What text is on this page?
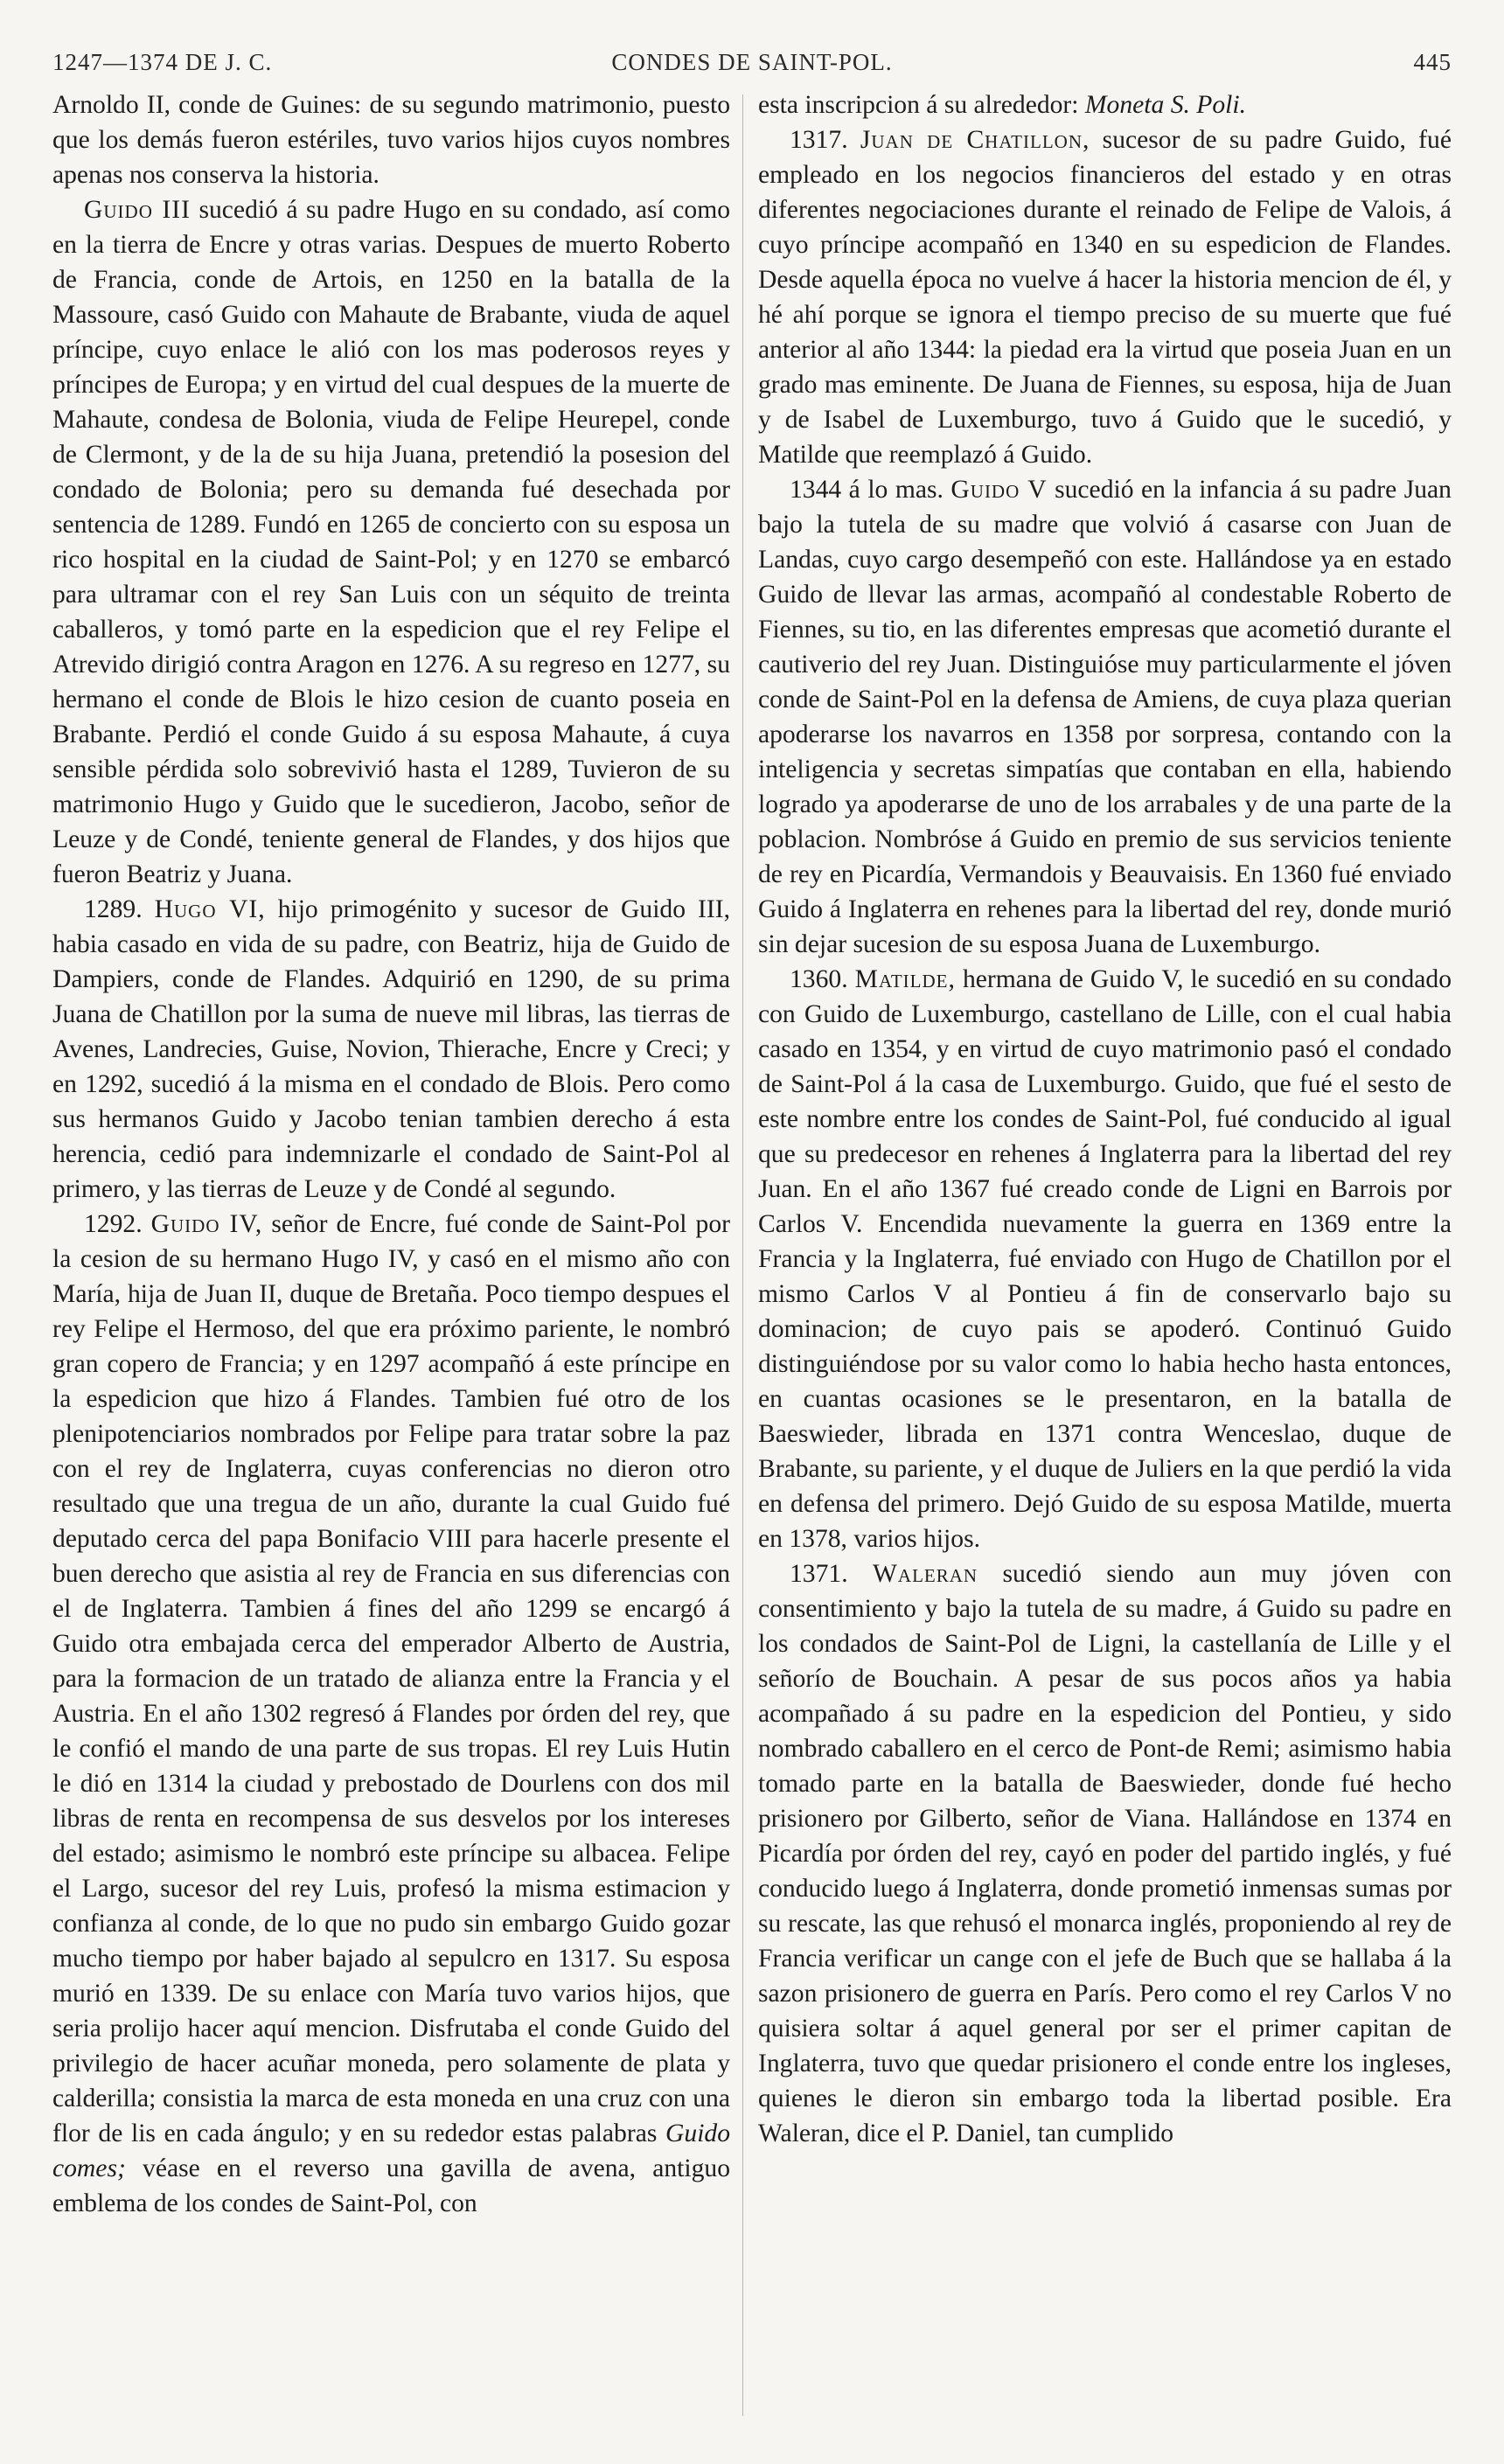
1247—1374 DE J. C.	CONDES DE SAINT-POL.	445

Arnoldo II, conde de Guines: de su segundo matrimonio, puesto que los demás fueron estériles, tuvo varios hijos cuyos nombres apenas nos conserva la historia.

Guido III sucedió á su padre Hugo en su condado, así como en la tierra de Encre y otras varias. Despues de muerto Roberto de Francia, conde de Artois, en 1250 en la batalla de la Massoure, casó Guido con Mahaute de Brabante, viuda de aquel príncipe, cuyo enlace le alió con los mas poderosos reyes y príncipes de Europa; y en virtud del cual despues de la muerte de Mahaute, condesa de Bolonia, viuda de Felipe Heurepel, conde de Clermont, y de la de su hija Juana, pretendió la posesion del condado de Bolonia; pero su demanda fué desechada por sentencia de 1289. Fundó en 1265 de concierto con su esposa un rico hospital en la ciudad de Saint-Pol; y en 1270 se embarcó para ultramar con el rey San Luis con un séquito de treinta caballeros, y tomó parte en la espedicion que el rey Felipe el Atrevido dirigió contra Aragon en 1276. A su regreso en 1277, su hermano el conde de Blois le hizo cesion de cuanto poseia en Brabante. Perdió el conde Guido á su esposa Mahaute, á cuya sensible pérdida solo sobrevivió hasta el 1289, Tuvieron de su matrimonio Hugo y Guido que le sucedieron, Jacobo, señor de Leuze y de Condé, teniente general de Flandes, y dos hijos que fueron Beatriz y Juana.

1289. Hugo VI, hijo primogénito y sucesor de Guido III, habia casado en vida de su padre, con Beatriz, hija de Guido de Dampiers, conde de Flandes. Adquirió en 1290, de su prima Juana de Chatillon por la suma de nueve mil libras, las tierras de Avenes, Landrecies, Guise, Novion, Thierache, Encre y Creci; y en 1292, sucedió á la misma en el condado de Blois. Pero como sus hermanos Guido y Jacobo tenian tambien derecho á esta herencia, cedió para indemnizarle el condado de Saint-Pol al primero, y las tierras de Leuze y de Condé al segundo.

1292. Guido IV, señor de Encre, fué conde de Saint-Pol por la cesion de su hermano Hugo IV, y casó en el mismo año con María, hija de Juan II, duque de Bretaña. Poco tiempo despues el rey Felipe el Hermoso, del que era próximo pariente, le nombró gran copero de Francia; y en 1297 acompañó á este príncipe en la espedicion que hizo á Flandes. Tambien fué otro de los plenipotenciarios nombrados por Felipe para tratar sobre la paz con el rey de Inglaterra, cuyas conferencias no dieron otro resultado que una tregua de un año, durante la cual Guido fué deputado cerca del papa Bonifacio VIII para hacerle presente el buen derecho que asistia al rey de Francia en sus diferencias con el de Inglaterra. Tambien á fines del año 1299 se encargó á Guido otra embajada cerca del emperador Alberto de Austria, para la formacion de un tratado de alianza entre la Francia y el Austria. En el año 1302 regresó á Flandes por órden del rey, que le confió el mando de una parte de sus tropas. El rey Luis Hutin le dió en 1314 la ciudad y prebostado de Dourlens con dos mil libras de renta en recompensa de sus desvelos por los intereses del estado; asimismo le nombró este príncipe su albacea. Felipe el Largo, sucesor del rey Luis, profesó la misma estimacion y confianza al conde, de lo que no pudo sin embargo Guido gozar mucho tiempo por haber bajado al sepulcro en 1317. Su esposa murió en 1339. De su enlace con María tuvo varios hijos, que seria prolijo hacer aquí mencion. Disfrutaba el conde Guido del privilegio de hacer acuñar moneda, pero solamente de plata y calderilla; consistia la marca de esta moneda en una cruz con una flor de lis en cada ángulo; y en su rededor estas palabras Guido comes; véase en el reverso una gavilla de avena, antiguo emblema de los condes de Saint-Pol, con

esta inscripcion á su alrededor: Moneta S. Poli.

1317. Juan de Chatillon, sucesor de su padre Guido, fué empleado en los negocios financieros del estado y en otras diferentes negociaciones durante el reinado de Felipe de Valois, á cuyo príncipe acompañó en 1340 en su espedicion de Flandes. Desde aquella época no vuelve á hacer la historia mencion de él, y hé ahí porque se ignora el tiempo preciso de su muerte que fué anterior al año 1344: la piedad era la virtud que poseia Juan en un grado mas eminente. De Juana de Fiennes, su esposa, hija de Juan y de Isabel de Luxemburgo, tuvo á Guido que le sucedió, y Matilde que reemplazó á Guido.

1344 á lo mas. Guido V sucedió en la infancia á su padre Juan bajo la tutela de su madre que volvió á casarse con Juan de Landas, cuyo cargo desempeñó con este. Hallándose ya en estado Guido de llevar las armas, acompañó al condestable Roberto de Fiennes, su tio, en las diferentes empresas que acometió durante el cautiverio del rey Juan. Distinguióse muy particularmente el jóven conde de Saint-Pol en la defensa de Amiens, de cuya plaza querian apoderarse los navarros en 1358 por sorpresa, contando con la inteligencia y secretas simpatías que contaban en ella, habiendo logrado ya apoderarse de uno de los arrabales y de una parte de la poblacion. Nombróse á Guido en premio de sus servicios teniente de rey en Picardía, Vermandois y Beauvaisis. En 1360 fué enviado Guido á Inglaterra en rehenes para la libertad del rey, donde murió sin dejar sucesion de su esposa Juana de Luxemburgo.

1360. Matilde, hermana de Guido V, le sucedió en su condado con Guido de Luxemburgo, castellano de Lille, con el cual habia casado en 1354, y en virtud de cuyo matrimonio pasó el condado de Saint-Pol á la casa de Luxemburgo. Guido, que fué el sesto de este nombre entre los condes de Saint-Pol, fué conducido al igual que su predecesor en rehenes á Inglaterra para la libertad del rey Juan. En el año 1367 fué creado conde de Ligni en Barrois por Carlos V. Encendida nuevamente la guerra en 1369 entre la Francia y la Inglaterra, fué enviado con Hugo de Chatillon por el mismo Carlos V al Pontieu á fin de conservarlo bajo su dominacion; de cuyo pais se apoderó. Continuó Guido distinguiéndose por su valor como lo habia hecho hasta entonces, en cuantas ocasiones se le presentaron, en la batalla de Baeswieder, librada en 1371 contra Wenceslao, duque de Brabante, su pariente, y el duque de Juliers en la que perdió la vida en defensa del primero. Dejó Guido de su esposa Matilde, muerta en 1378, varios hijos.

1371. Waleran sucedió siendo aun muy jóven con consentimiento y bajo la tutela de su madre, á Guido su padre en los condados de Saint-Pol de Ligni, la castellanía de Lille y el señorío de Bouchain. A pesar de sus pocos años ya habia acompañado á su padre en la espedicion del Pontieu, y sido nombrado caballero en el cerco de Pont-de Remi; asimismo habia tomado parte en la batalla de Baeswieder, donde fué hecho prisionero por Gilberto, señor de Viana. Hallándose en 1374 en Picardía por órden del rey, cayó en poder del partido inglés, y fué conducido luego á Inglaterra, donde prometió inmensas sumas por su rescate, las que rehusó el monarca inglés, proponiendo al rey de Francia verificar un cange con el jefe de Buch que se hallaba á la sazon prisionero de guerra en París. Pero como el rey Carlos V no quisiera soltar á aquel general por ser el primer capitan de Inglaterra, tuvo que quedar prisionero el conde entre los ingleses, quienes le dieron sin embargo toda la libertad posible. Era Waleran, dice el P. Daniel, tan cumplido
